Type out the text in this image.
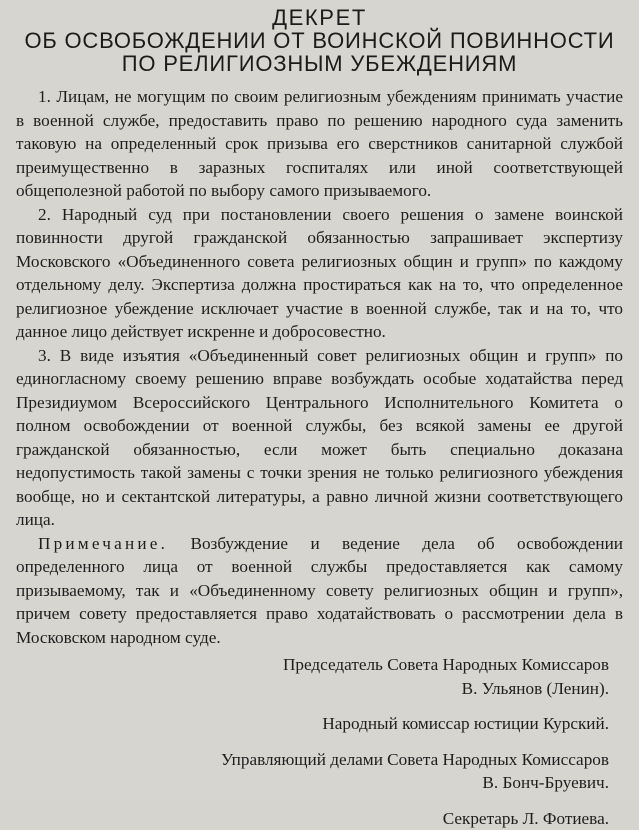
ДЕКРЕТ
ОБ ОСВОБОЖДЕНИИ ОТ ВОИНСКОЙ ПОВИННОСТИ
ПО РЕЛИГИОЗНЫМ УБЕЖДЕНИЯМ

1. Лицам, не могущим по своим религиозным убеждениям принимать участие в военной службе, предоставить право по решению народного суда заменить таковую на определенный срок призыва его сверстников санитарной службой преимущественно в заразных госпиталях или иной соответствующей общеполезной работой по выбору самого призываемого.

2. Народный суд при постановлении своего решения о замене воинской повинности другой гражданской обязанностью запрашивает экспертизу Московского «Объединенного совета религиозных общин и групп» по каждому отдельному делу. Экспертиза должна простираться как на то, что определенное религиозное убеждение исключает участие в военной службе, так и на то, что данное лицо действует искренне и добросовестно.

3. В виде изъятия «Объединенный совет религиозных общин и групп» по единогласному своему решению вправе возбуждать особые ходатайства перед Президиумом Всероссийского Центрального Исполнительного Комитета о полном освобождении от военной службы, без всякой замены ее другой гражданской обязанностью, если может быть специально доказана недопустимость такой замены с точки зрения не только религиозного убеждения вообще, но и сектантской литературы, а равно личной жизни соответствующего лица.

Примечание. Возбуждение и ведение дела об освобождении определенного лица от военной службы предоставляется как самому призываемому, так и «Объединенному совету религиозных общин и групп», причем совету предоставляется право ходатайствовать о рассмотрении дела в Московском народном суде.

Председатель Совета Народных Комиссаров
В. Ульянов (Ленин).
Народный комиссар юстиции Курский.
Управляющий делами Совета Народных Комиссаров
В. Бонч-Бруевич.
Секретарь Л. Фотиева.
